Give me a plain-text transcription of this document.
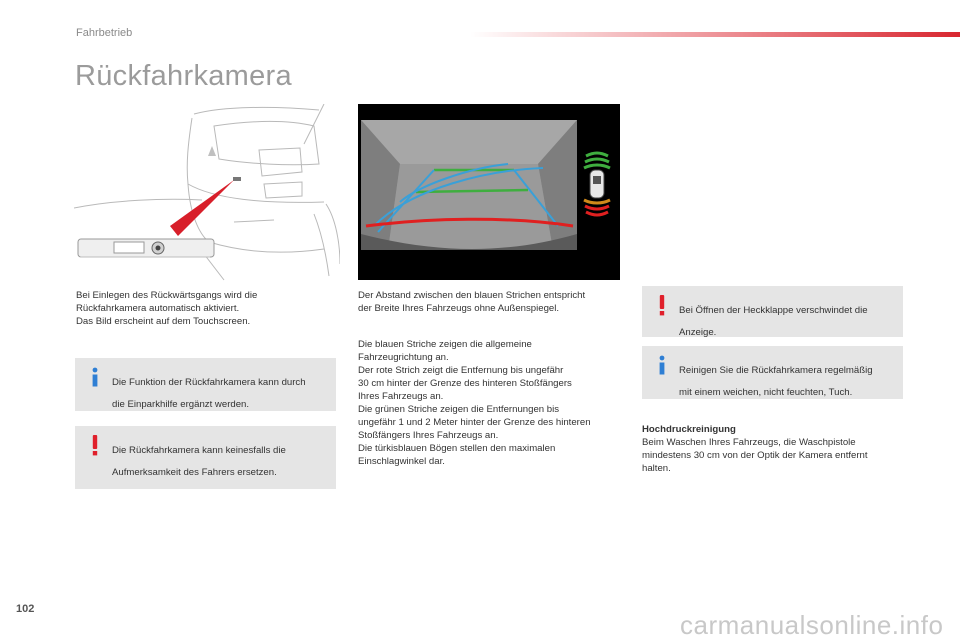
Fahrbetrieb
Rückfahrkamera

Bei Einlegen des Rückwärtsgangs wird die

Rückfahrkamera automatisch aktiviert.

Das Bild erscheint auf dem Touchscreen.

Die Funktion der Rückfahrkamera kann durch

die Einparkhilfe ergänzt werden.

Die Rückfahrkamera kann keinesfalls die

Aufmerksamkeit des Fahrers ersetzen.

Der Abstand zwischen den blauen Strichen entspricht

der Breite Ihres Fahrzeugs ohne Außenspiegel.

Die blauen Striche zeigen die allgemeine

Fahrzeugrichtung an.

Der rote Strich zeigt die Entfernung bis ungefähr

30 cm hinter der Grenze des hinteren Stoßfängers

Ihres Fahrzeugs an.

Die grünen Striche zeigen die Entfernungen bis

ungefähr 1 und 2 Meter hinter der Grenze des hinteren

Stoßfängers Ihres Fahrzeugs an.

Die türkisblauen Bögen stellen den maximalen

Einschlagwinkel dar.

Bei Öffnen der Heckklappe verschwindet die

Anzeige.

Reinigen Sie die Rückfahrkamera regelmäßig

mit einem weichen, nicht feuchten, Tuch.

Hochdruckreinigung

Beim Waschen Ihres Fahrzeugs, die Waschpistole

mindestens 30 cm von der Optik der Kamera entfernt

halten.

102
carmanualsonline.info
